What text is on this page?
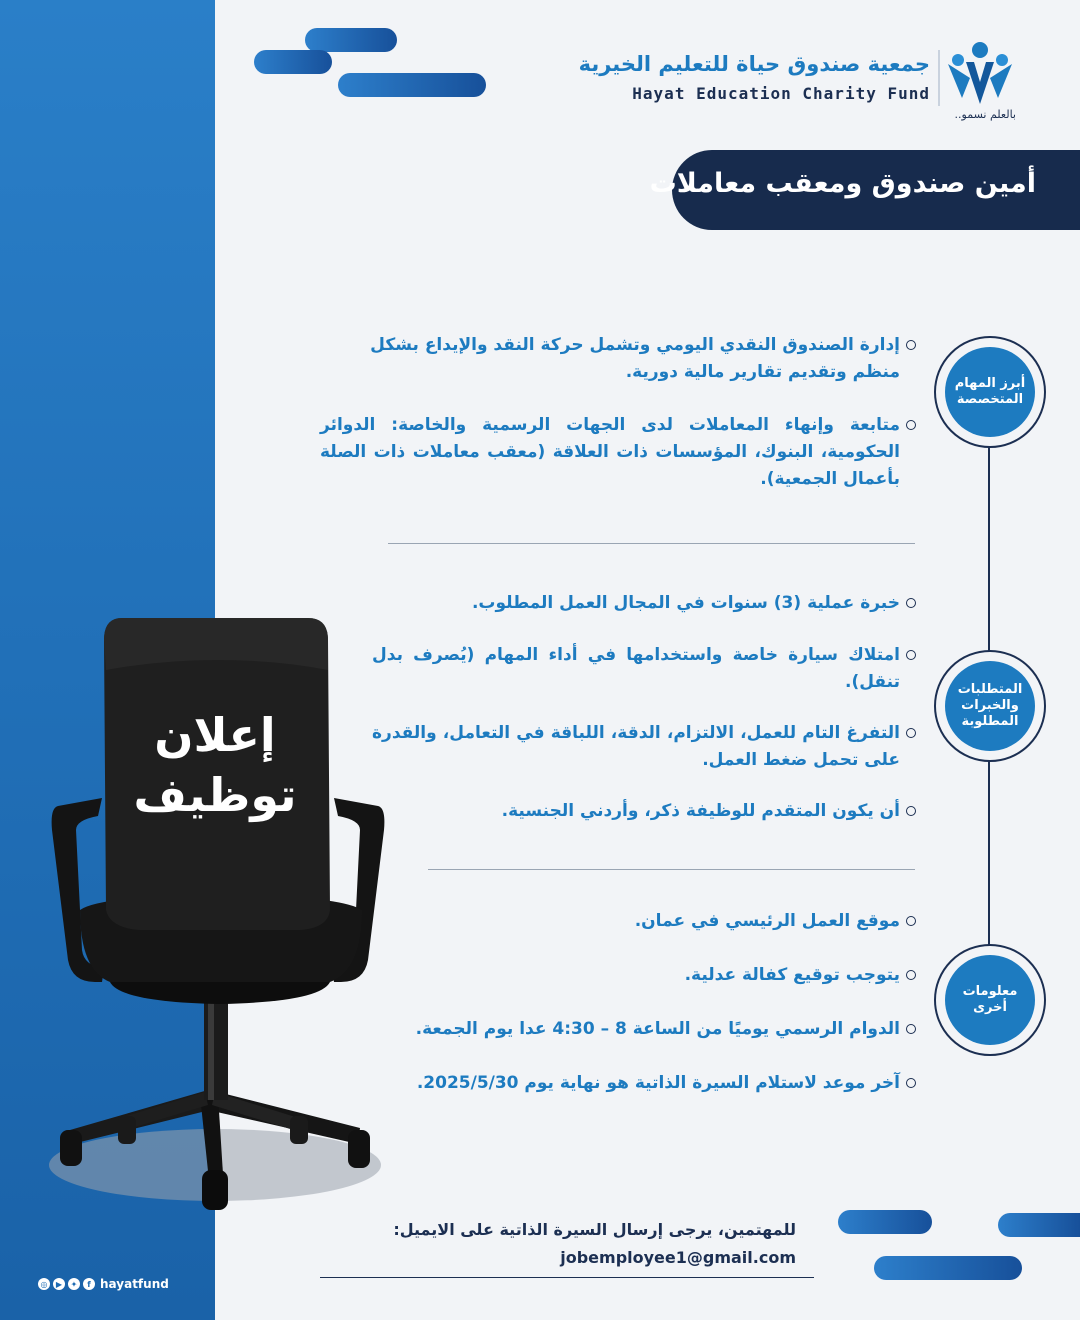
بالعلم نسمو..
جمعية صندوق حياة للتعليم الخيرية
Hayat Education Charity Fund
أمين صندوق ومعقب معاملات
أبرز المهام المتخصصة
المتطلبات والخبرات المطلوبة
معلومات أخرى
إدارة الصندوق النقدي اليومي وتشمل حركة النقد والإيداع بشكل منظم وتقديم تقارير مالية دورية.
متابعة وإنهاء المعاملات لدى الجهات الرسمية والخاصة: الدوائر الحكومية، البنوك، المؤسسات ذات العلاقة (معقب معاملات ذات الصلة بأعمال الجمعية).
خبرة عملية (3) سنوات في المجال العمل المطلوب.
امتلاك سيارة خاصة واستخدامها في أداء المهام (يُصرف بدل تنقل).
التفرغ التام للعمل، الالتزام، الدقة، اللباقة في التعامل، والقدرة على تحمل ضغط العمل.
أن يكون المتقدم للوظيفة ذكر، وأردني الجنسية.
موقع العمل الرئيسي في عمان.
يتوجب توقيع كفالة عدلية.
الدوام الرسمي يوميًا من الساعة 8 – 4:30 عدا يوم الجمعة.
آخر موعد لاستلام السيرة الذاتية هو نهاية يوم 2025/5/30.
إعلان
توظيف
للمهتمين، يرجى إرسال السيرة الذاتية على الايميل:
jobemployee1@gmail.com
◎	▶	✦	f hayatfund
